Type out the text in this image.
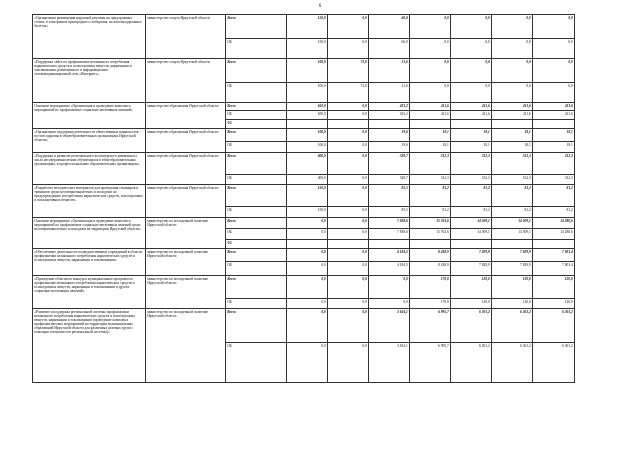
6
«Организация размещения наружной рекламы на придорожных стенах, в электричках пригородного сообщения, на железнодорожных билетах»	министерство спорта Иркутской области	Всего	150,0	0,0	60,0	0,0	0,0	0,0	0,0
		ОБ	150,0	0,0	60,0	0,0	0,0	0,0	0,0
«Поддержка сайта по профилактике незаконного потребления наркотических средств и психотропных веществ, наркомании и токсикомании, размещенного в информационно-телекоммуникационной сети «Интернет»»	министерство спорта Иркутской области	Всего	100,0	72,0	21,6	0,0	0,0	0,0	0,0
		ОБ	100,0	72,0	21,6	0,0	0,0	0,0	0,0
Основное мероприятие «Организация и проведение комплекса мероприятий по профилактике социально-негативных явлений»	министерство образования Иркутской области	Всего	650,0	0,0	433,2	411,6	411,6	411,6	411,6
		ОБ	650,0	0,0	433,2	411,6	411,6	411,6	411,6
		ФБ							
«Организация поддержки деятельности общественных наркопостов - постов здоровья в общеобразовательных организациях Иркутской области»	министерство образования Иркутской области	Всего	100,0	0,0	19,6	18,1	18,1	18,1	18,1
		ОБ	100,0	0,0	19,6	18,1	18,1	18,1	18,1
«Поддержка и развитие регионального волонтерского движения из числа несовершеннолетних обучающихся в общеобразовательных организациях, в профессиональных образовательных организациях»	министерство образования Иркутской области	Всего	400,0	0,0	328,7	312,3	312,3	312,3	312,3
		ОБ	400,0	0,0	328,7	312,3	312,3	312,3	312,3
«Разработка методических материалов для проведения семинаров и тренингов среди несовершеннолетних и молодежи по предупреждению употребления наркотических средств, психотропных и психоактивных веществ»	министерство образования Иркутской области	Всего	150,0	0,0	85,5	81,2	81,2	81,2	81,2
		ОБ	150,0	0,0	85,5	81,2	81,2	81,2	81,2
Основное мероприятие «Организация и проведение комплекса мероприятий по профилактике социально-негативных явлений среди несовершеннолетних и молодежи на территории Иркутской области»	министерство по молодежной политике Иркутской области	Всего	0,0	0,0	7 838,6	15 763,6	14 509,1	14 509,1	14 280,6
		ОБ	0,0	0,0	7 838,6	15 763,6	14 509,1	14 509,1	14 280,6
		ФБ							
«Обеспечение деятельности подведомственных учреждений в области профилактики незаконного потребления наркотических средств и психотропных веществ, наркомании и токсикомании»	министерство по молодежной политике Иркутской области	Всего	0,0	0,0	4 184,5	8 438,9	7 829,9	7 829,9	7 801,4
		ОБ	0,0	0,0	4 184,5	8 438,9	7 829,9	7 829,9	7 801,4
«Проведение областного конкурса муниципальных программ по профилактике незаконного потребления наркотических средств и психотропных веществ, наркомании и токсикомании и других социально-негативных явлений»	министерство по молодежной политике Иркутской области	Всего	0,0	0,0	0,0	170,0	120,0	120,0	120,0
		ОБ	0,0	0,0	0,0	170,0	120,0	120,0	120,0
«Развитие и поддержка региональной системы профилактики незаконного потребления наркотических средств и психотропных веществ, наркомании и токсикомании (проведение комплекса профилактических мероприятий на территории муниципальных образований Иркутской области для различных целевых групп с помощью специалистов региональной системы)»	министерство по молодежной политике Иркутской области	Всего	0,0	0,0	3 654,1	6 995,7	6 301,2	6 301,2	6 301,2
		ОБ	0,0	0,0	3 654,1	6 995,7	6 301,2	6 301,2	6 301,2
